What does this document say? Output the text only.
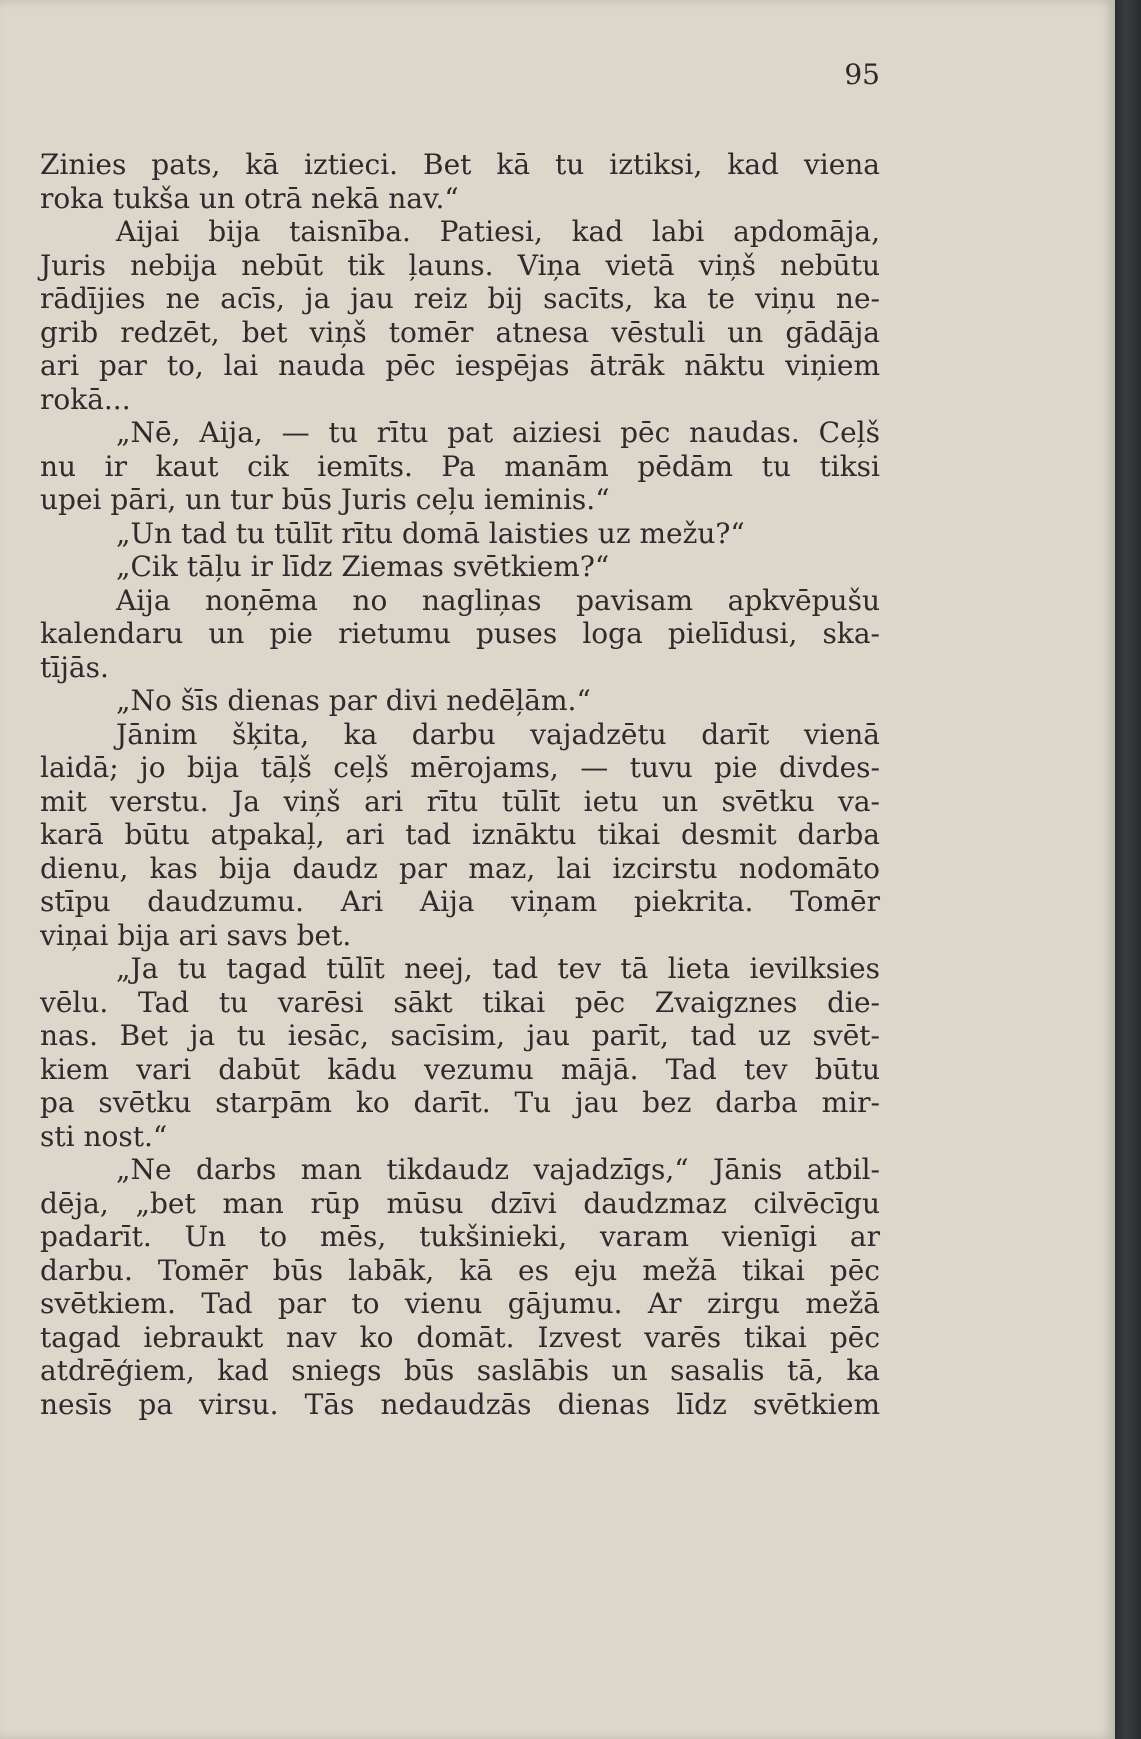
95
Zinies pats, kā iztieci. Bet kā tu iztiksi, kad viena
roka tukša un otrā nekā nav.“
Aijai bija taisnība. Patiesi, kad labi apdomāja,
Juris nebija nebūt tik ļauns. Viņa vietā viņš nebūtu
rādījies ne acīs, ja jau reiz bij sacīts, ka te viņu ne-
grib redzēt, bet viņš tomēr atnesa vēstuli un gādāja
ari par to, lai nauda pēc iespējas ātrāk nāktu viņiem
rokā...
„Nē, Aija, — tu rītu pat aiziesi pēc naudas. Ceļš
nu ir kaut cik iemīts. Pa manām pēdām tu tiksi
upei pāri, un tur būs Juris ceļu ieminis.“
„Un tad tu tūlīt rītu domā laisties uz mežu?“
„Cik tāļu ir līdz Ziemas svētkiem?“
Aija noņēma no nagliņas pavisam apkvēpušu
kalendaru un pie rietumu puses loga pielīdusi, ska-
tījās.
„No šīs dienas par divi nedēļām.“
Jānim šķita, ka darbu vajadzētu darīt vienā
laidā; jo bija tāļš ceļš mērojams, — tuvu pie divdes-
mit verstu. Ja viņš ari rītu tūlīt ietu un svētku va-
karā būtu atpakaļ, ari tad iznāktu tikai desmit darba
dienu, kas bija daudz par maz, lai izcirstu nodomāto
stīpu daudzumu. Ari Aija viņam piekrita. Tomēr
viņai bija ari savs bet.
„Ja tu tagad tūlīt neej, tad tev tā lieta ievilksies
vēlu. Tad tu varēsi sākt tikai pēc Zvaigznes die-
nas. Bet ja tu iesāc, sacīsim, jau parīt, tad uz svēt-
kiem vari dabūt kādu vezumu mājā. Tad tev būtu
pa svētku starpām ko darīt. Tu jau bez darba mir-
sti nost.“
„Ne darbs man tikdaudz vajadzīgs,“ Jānis atbil-
dēja, „bet man rūp mūsu dzīvi daudzmaz cilvēcīgu
padarīt. Un to mēs, tukšinieki, varam vienīgi ar
darbu. Tomēr būs labāk, kā es eju mežā tikai pēc
svētkiem. Tad par to vienu gājumu. Ar zirgu mežā
tagad iebraukt nav ko domāt. Izvest varēs tikai pēc
atdrēģiem, kad sniegs būs saslābis un sasalis tā, ka
nesīs pa virsu. Tās nedaudzās dienas līdz svētkiem
